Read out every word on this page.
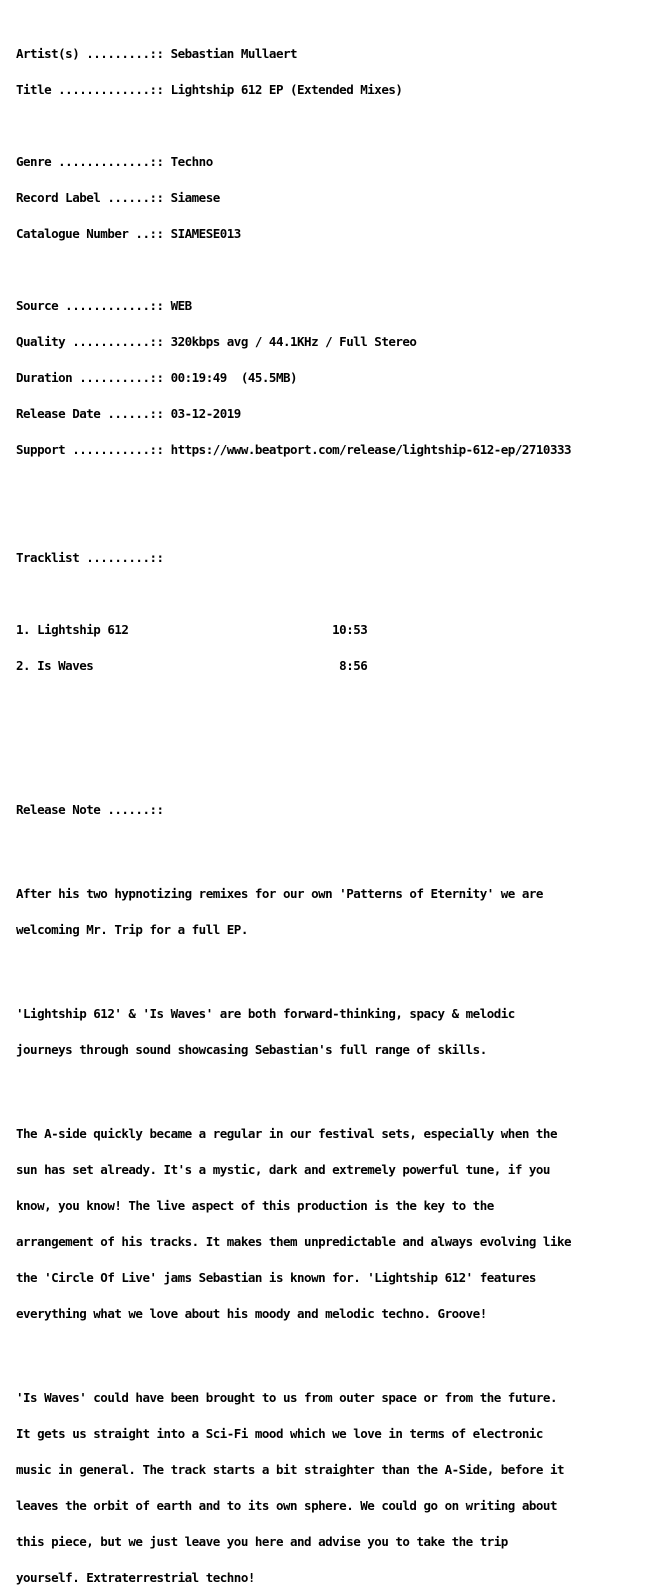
Artist(s) .........:: Sebastian Mullaert

Title .............:: Lightship 612 EP (Extended Mixes)

Genre .............:: Techno

Record Label ......:: Siamese

Catalogue Number ..:: SIAMESE013

Source ............:: WEB

Quality ...........:: 320kbps avg / 44.1KHz / Full Stereo

Duration ..........:: 00:19:49  (45.5MB)

Release Date ......:: 03-12-2019

Support ...........:: https://www.beatport.com/release/lightship-612-ep/2710333

Tracklist .........::

1. Lightship 612                             10:53

2. Is Waves                                   8:56

Release Note ......::

After his two hypnotizing remixes for our own 'Patterns of Eternity' we are

welcoming Mr. Trip for a full EP.

'Lightship 612' & 'Is Waves' are both forward-thinking, spacy & melodic

journeys through sound showcasing Sebastian's full range of skills.

The A-side quickly became a regular in our festival sets, especially when the

sun has set already. It's a mystic, dark and extremely powerful tune, if you

know, you know! The live aspect of this production is the key to the

arrangement of his tracks. It makes them unpredictable and always evolving like

the 'Circle Of Live' jams Sebastian is known for. 'Lightship 612' features

everything what we love about his moody and melodic techno. Groove!

'Is Waves' could have been brought to us from outer space or from the future.

It gets us straight into a Sci-Fi mood which we love in terms of electronic

music in general. The track starts a bit straighter than the A-Side, before it

leaves the orbit of earth and to its own sphere. We could go on writing about

this piece, but we just leave you here and advise you to take the trip

yourself. Extraterrestrial techno!
